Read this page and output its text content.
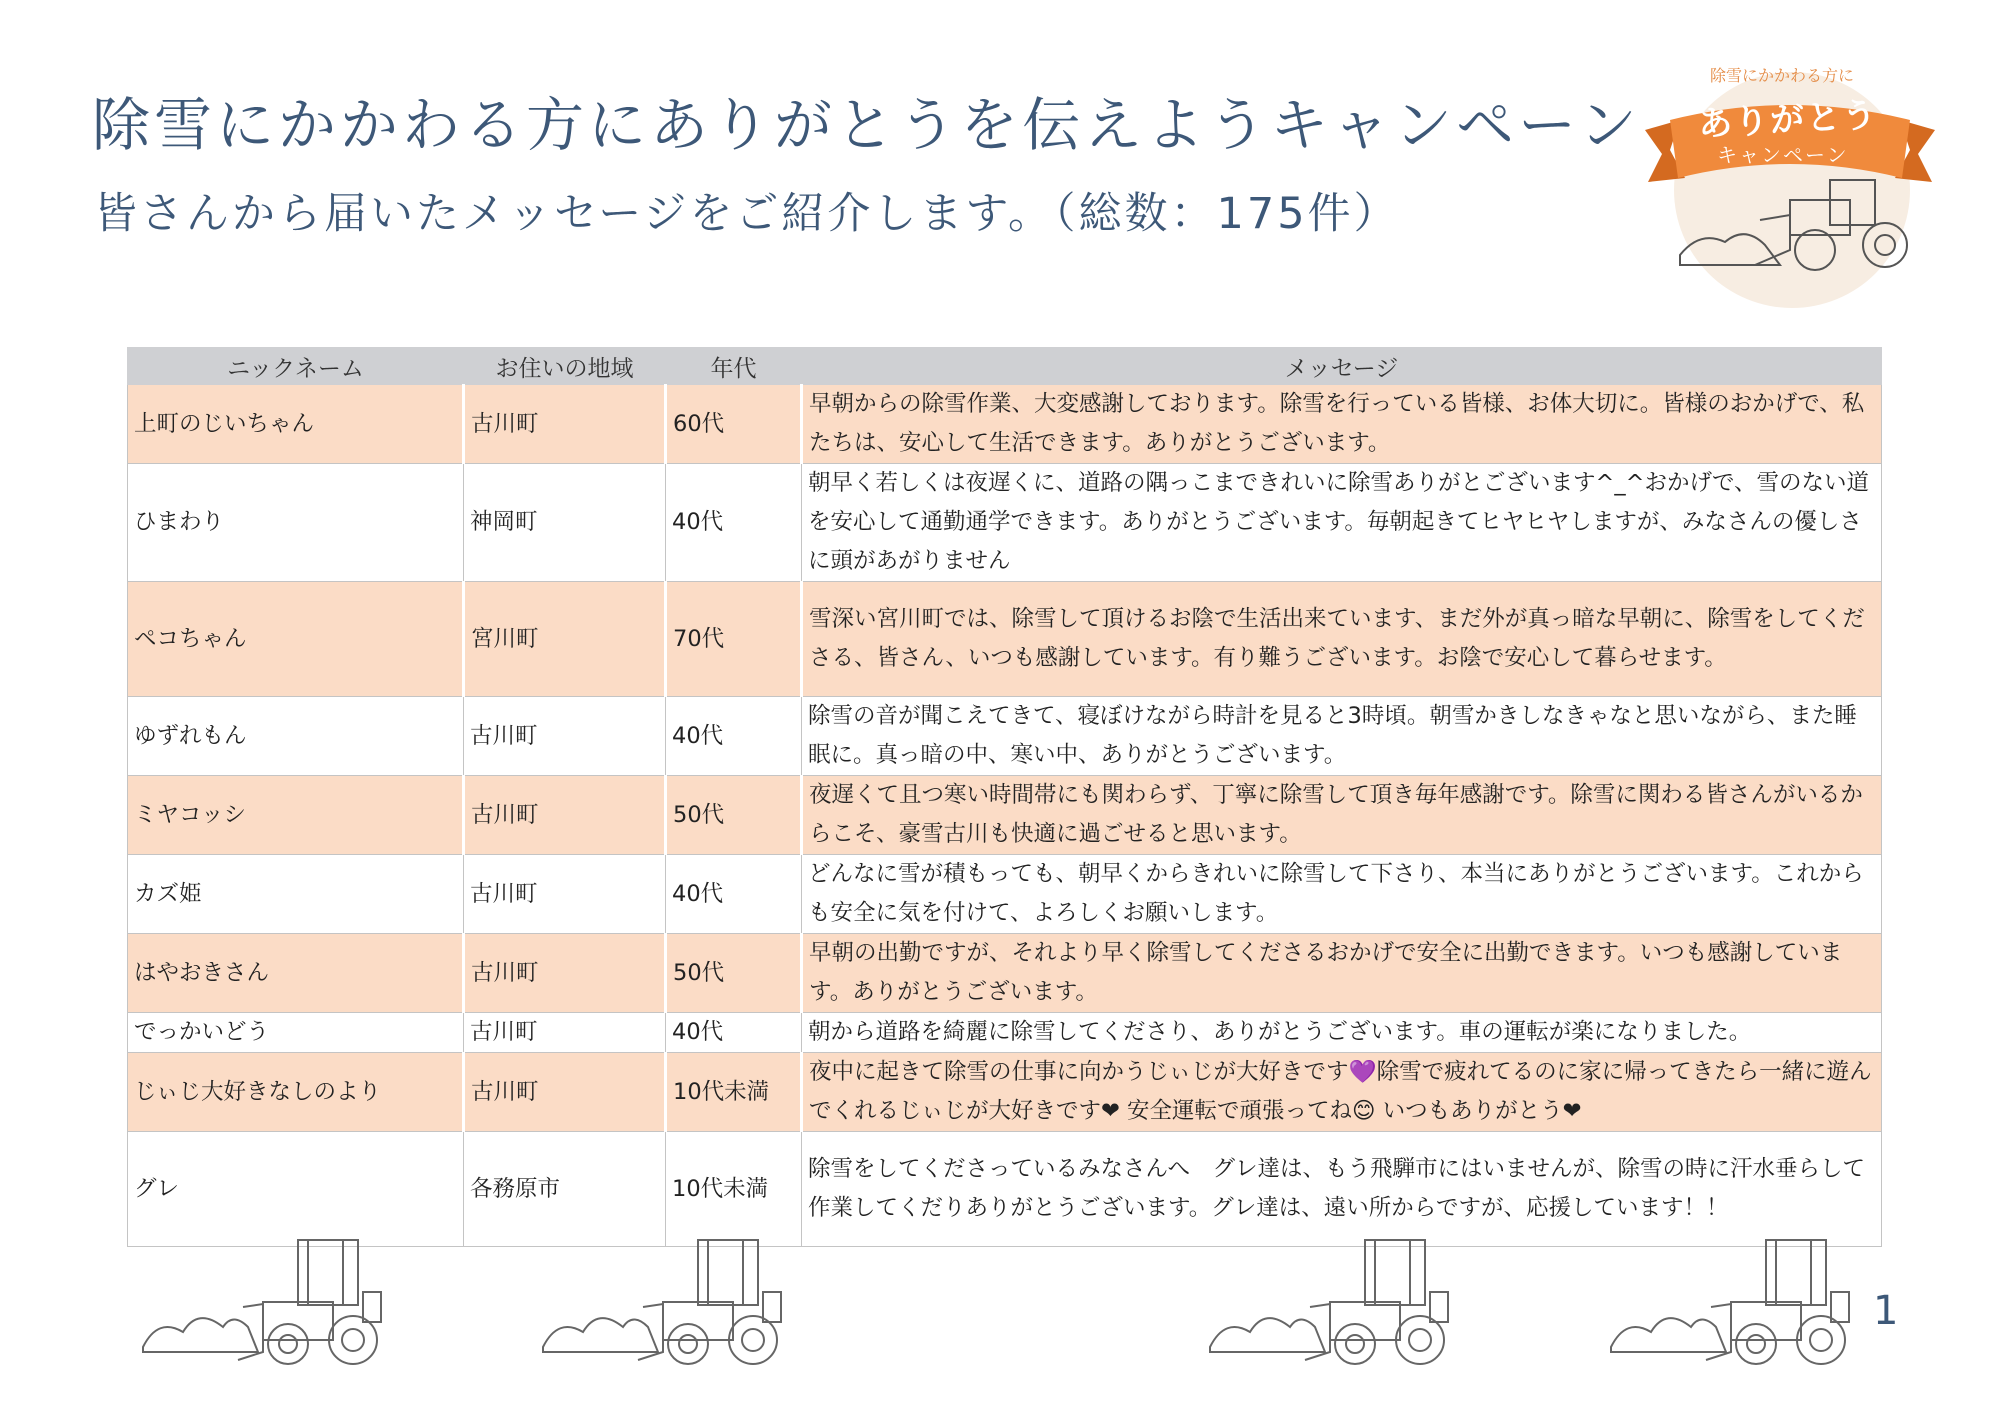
除雪にかかわる方にありがとうを伝えようキャンペーン
皆さんから届いたメッセージをご紹介します。（総数：175件）
除雪にかかわる方に
ありがとう
キャンペーン
ニックネーム	お住いの地域	年代	メッセージ
上町のじいちゃん	古川町	60代	早朝からの除雪作業、大変感謝しております。除雪を行っている皆様、お体大切に。皆様のおかげで、私たちは、安心して生活できます。ありがとうございます。
ひまわり	神岡町	40代	朝早く若しくは夜遅くに、道路の隅っこまできれいに除雪ありがとございます^_^おかげで、雪のない道を安心して通勤通学できます。ありがとうございます。毎朝起きてヒヤヒヤしますが、みなさんの優しさに頭があがりません
ペコちゃん	宮川町	70代	雪深い宮川町では、除雪して頂けるお陰で生活出来ています、まだ外が真っ暗な早朝に、除雪をしてくださる、皆さん、いつも感謝しています。有り難うございます。お陰で安心して暮らせます。
ゆずれもん	古川町	40代	除雪の音が聞こえてきて、寝ぼけながら時計を見ると3時頃。朝雪かきしなきゃなと思いながら、また睡眠に。真っ暗の中、寒い中、ありがとうございます。
ミヤコッシ	古川町	50代	夜遅くて且つ寒い時間帯にも関わらず、丁寧に除雪して頂き毎年感謝です。除雪に関わる皆さんがいるからこそ、豪雪古川も快適に過ごせると思います。
カズ姫	古川町	40代	どんなに雪が積もっても、朝早くからきれいに除雪して下さり、本当にありがとうございます。これからも安全に気を付けて、よろしくお願いします。
はやおきさん	古川町	50代	早朝の出勤ですが、それより早く除雪してくださるおかげで安全に出勤できます。いつも感謝しています。ありがとうございます。
でっかいどう	古川町	40代	朝から道路を綺麗に除雪してくださり、ありがとうございます。車の運転が楽になりました。
じぃじ大好きなしのより	古川町	10代未満	夜中に起きて除雪の仕事に向かうじぃじが大好きです💜除雪で疲れてるのに家に帰ってきたら一緒に遊んでくれるじぃじが大好きです❤︎ 安全運転で頑張ってね😊 いつもありがとう❤︎
グレ	各務原市	10代未満	除雪をしてくださっているみなさんへ　グレ達は、もう飛騨市にはいませんが、除雪の時に汗水垂らして作業してくだりありがとうございます。グレ達は、遠い所からですが、応援しています！！
1
